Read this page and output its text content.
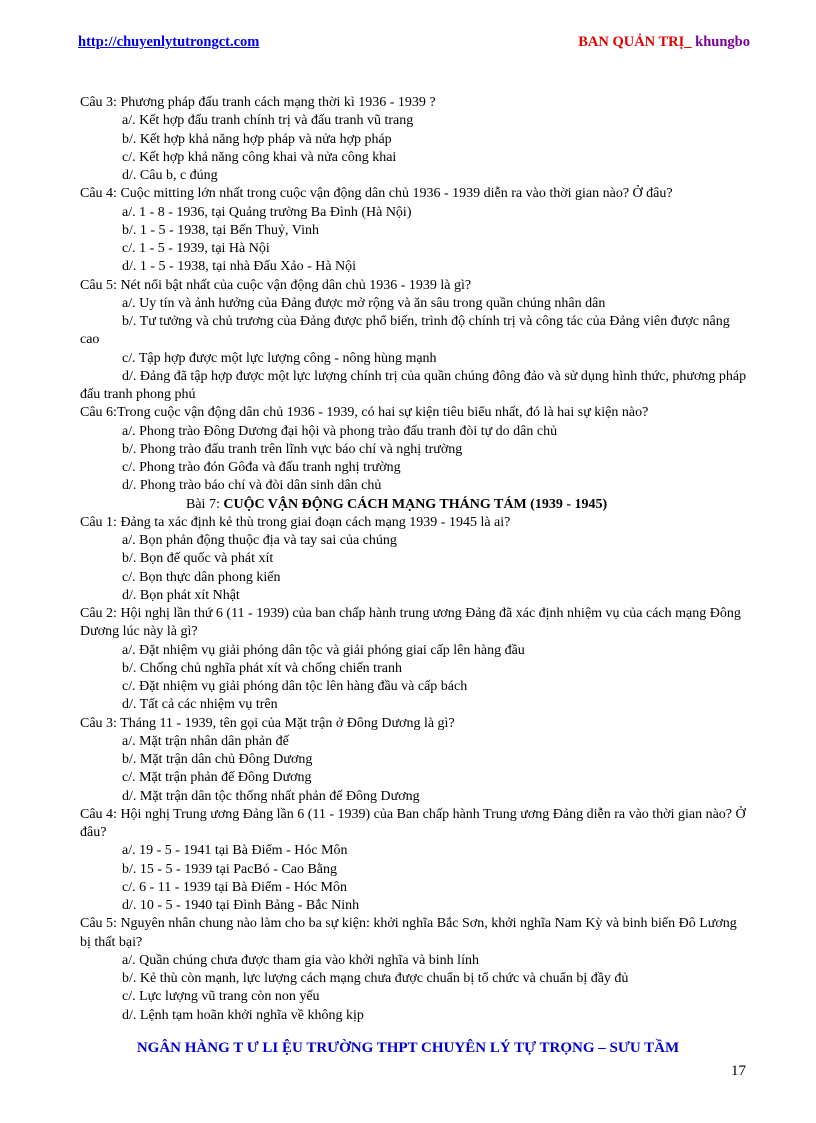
http://chuyenlytutrongct.com	BAN QUẢN TRỊ_ khungbo
Câu 3: Phương pháp đấu tranh cách mạng thời kì 1936 - 1939 ?
a/. Kết hợp đấu tranh chính trị và đấu tranh vũ trang
b/. Kết hợp khả năng hợp pháp và nửa hợp pháp
c/. Kết hợp khả năng công khai và nửa công khai
d/. Câu b, c đúng
Câu 4: Cuộc mitting lớn nhất trong cuộc vận động dân chủ 1936 - 1939 diễn ra vào thời gian nào? Ở đâu?
a/. 1 - 8 - 1936, tại Quảng trường Ba Đình (Hà Nội)
b/. 1 - 5 - 1938, tại Bến Thuỷ, Vinh
c/. 1 - 5 - 1939, tại Hà Nội
d/. 1 - 5 - 1938, tại nhà Đấu Xảo - Hà Nội
Câu 5: Nét nổi bật nhất của cuộc vận động dân chủ 1936 - 1939 là gì?
a/. Uy tín và ảnh hưởng của Đảng được mở rộng và ăn sâu trong quần chúng nhân dân
b/. Tư tưởng và chủ trương của Đảng được phổ biến, trình độ chính trị và công tác của Đảng viên được nâng cao
c/. Tập hợp được một lực lượng công - nông hùng mạnh
d/. Đảng đã tập hợp được một lực lượng chính trị của quần chúng đông đảo và sử dụng hình thức, phương pháp đấu tranh phong phú
Câu 6:Trong cuộc vận động dân chủ 1936 - 1939, có hai sự kiện tiêu biểu nhất, đó là hai sự kiện nào?
a/. Phong trào Đông Dương đại hội và phong trào đấu tranh đòi tự do dân chủ
b/. Phong trào đấu tranh trên lĩnh vực báo chí và nghị trường
c/. Phong trào đón Gôđa và đấu tranh nghị trường
d/. Phong trào báo chí và đòi dân sinh dân chủ
Bài 7: CUỘC VẬN ĐỘNG CÁCH MẠNG THÁNG TÁM (1939 - 1945)
Câu 1: Đảng ta xác định kẻ thù trong giai đoạn cách mạng 1939 - 1945 là ai?
a/. Bọn phản động thuộc địa và tay sai của chúng
b/. Bọn đế quốc và phát xít
c/. Bọn thực dân phong kiến
d/. Bọn phát xít Nhật
Câu 2: Hội nghị lần thứ 6 (11 - 1939) của ban chấp hành trung ương Đảng đã xác định nhiệm vụ của cách mạng Đông Dương lúc này là gì?
a/. Đặt nhiệm vụ giải phóng dân tộc và giải phóng giai cấp lên hàng đầu
b/. Chống chủ nghĩa phát xít và chống chiến tranh
c/. Đặt nhiệm vụ giải phóng dân tộc lên hàng đầu và cấp bách
d/. Tất cả các nhiệm vụ trên
Câu 3: Tháng 11 - 1939, tên gọi của Mặt trận ở Đông Dương là gì?
a/. Mặt trận nhân dân phản đế
b/. Mặt trận dân chủ Đông Dương
c/. Mặt trận phản đế Đông Dương
d/. Mặt trận dân tộc thống nhất phản đế Đông Dương
Câu 4: Hội nghị Trung ương Đảng lần 6 (11 - 1939) của Ban chấp hành Trung ương Đảng diễn ra vào thời gian nào? Ở đâu?
a/. 19 - 5 - 1941 tại Bà Điểm - Hóc Môn
b/. 15 - 5 - 1939 tại PacBó - Cao Bằng
c/. 6 - 11 - 1939 tại Bà Điểm - Hóc Môn
d/. 10 - 5 - 1940 tại Đình Bảng - Bắc Ninh
Câu 5: Nguyên nhân chung nào làm cho ba sự kiện: khởi nghĩa Bắc Sơn, khởi nghĩa Nam Kỳ và binh biến Đô Lương bị thất bại?
a/. Quần chúng chưa được tham gia vào khởi nghĩa và binh lính
b/. Kẻ thù còn mạnh, lực lượng cách mạng chưa được chuẩn bị tổ chức và chuẩn bị đầy đủ
c/. Lực lượng vũ trang còn non yếu
d/. Lệnh tạm hoãn khởi nghĩa về không kịp
NGÂN HÀNG T Ư LI ỆU TRƯỜNG THPT CHUYÊN LÝ TỰ TRỌNG – SƯU TẦM
17
